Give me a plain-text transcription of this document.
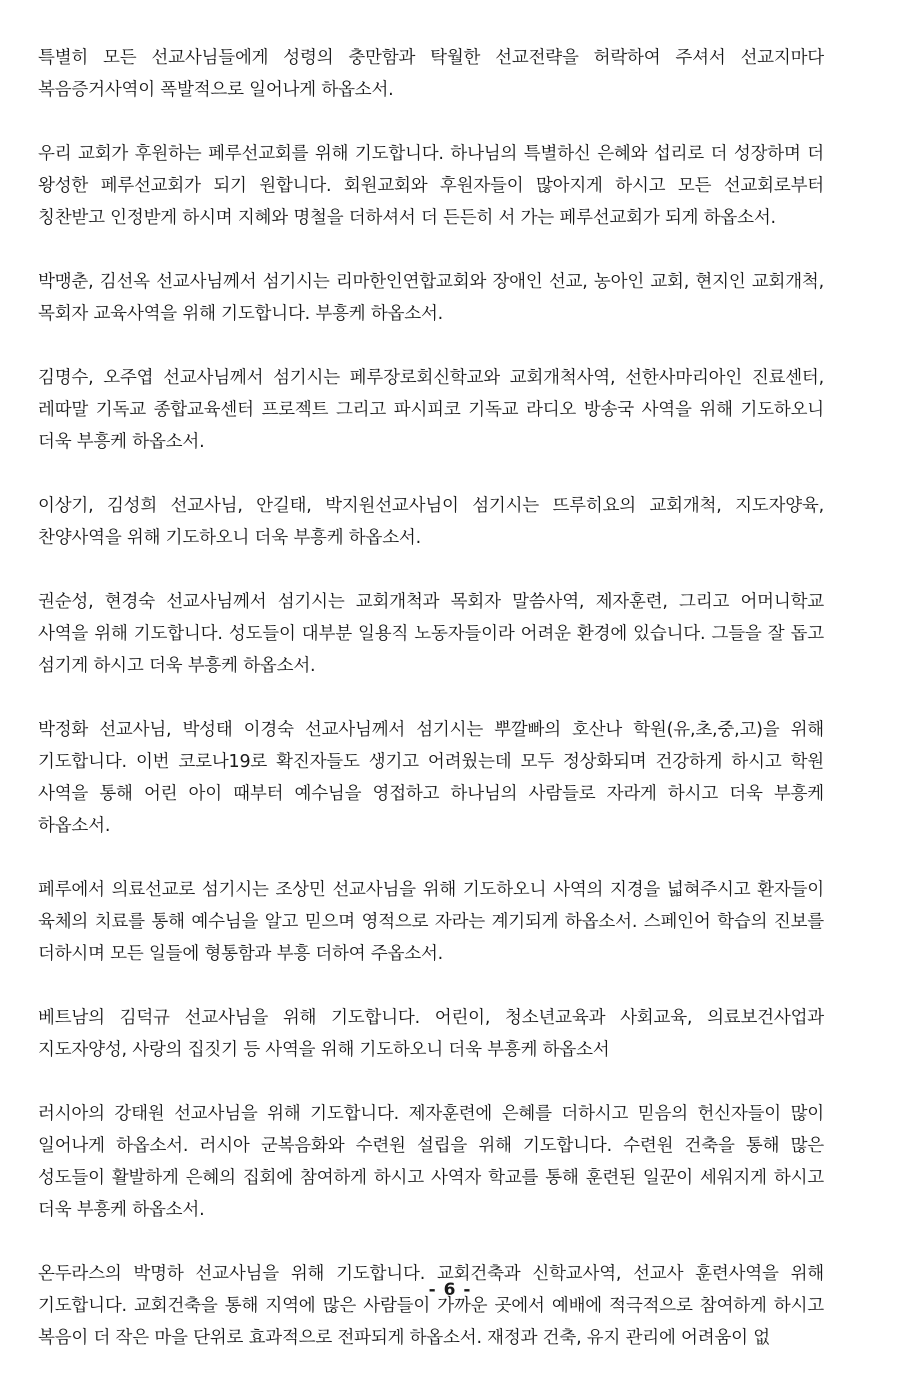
특별히 모든 선교사님들에게 성령의 충만함과 탁월한 선교전략을 허락하여 주셔서 선교지마다 복음증거사역이 폭발적으로 일어나게 하옵소서.

우리 교회가 후원하는 페루선교회를 위해 기도합니다. 하나님의 특별하신 은혜와 섭리로 더 성장하며 더 왕성한 페루선교회가 되기 원합니다. 회원교회와 후원자들이 많아지게 하시고 모든 선교회로부터 칭찬받고 인정받게 하시며 지혜와 명철을 더하셔서 더 든든히 서 가는 페루선교회가 되게 하옵소서.

박맹춘, 김선옥 선교사님께서 섬기시는 리마한인연합교회와 장애인 선교, 농아인 교회, 현지인 교회개척, 목회자 교육사역을 위해 기도합니다. 부흥케 하옵소서.

김명수, 오주엽 선교사님께서 섬기시는 페루장로회신학교와 교회개척사역, 선한사마리아인 진료센터, 레따말 기독교 종합교육센터 프로젝트 그리고 파시피코 기독교 라디오 방송국 사역을 위해 기도하오니 더욱 부흥케 하옵소서.

이상기, 김성희 선교사님, 안길태, 박지원선교사님이 섬기시는 뜨루히요의 교회개척, 지도자양육, 찬양사역을 위해 기도하오니 더욱 부흥케 하옵소서.

권순성, 현경숙 선교사님께서 섬기시는 교회개척과 목회자 말씀사역, 제자훈련, 그리고 어머니학교 사역을 위해 기도합니다. 성도들이 대부분 일용직 노동자들이라 어려운 환경에 있습니다. 그들을 잘 돕고 섬기게 하시고 더욱 부흥케 하옵소서.

박정화 선교사님, 박성태 이경숙 선교사님께서 섬기시는 뿌깔빠의 호산나 학원(유,초,중,고)을 위해 기도합니다. 이번 코로나19로 확진자들도 생기고 어려웠는데 모두 정상화되며 건강하게 하시고 학원 사역을 통해 어린 아이 때부터 예수님을 영접하고 하나님의 사람들로 자라게 하시고 더욱 부흥케 하옵소서.

페루에서 의료선교로 섬기시는 조상민 선교사님을 위해 기도하오니 사역의 지경을 넓혀주시고 환자들이 육체의 치료를 통해 예수님을 알고 믿으며 영적으로 자라는 계기되게 하옵소서. 스페인어 학습의 진보를 더하시며 모든 일들에 형통함과 부흥 더하여 주옵소서.

베트남의 김덕규 선교사님을 위해 기도합니다. 어린이, 청소년교육과 사회교육, 의료보건사업과 지도자양성, 사랑의 집짓기 등 사역을 위해 기도하오니 더욱 부흥케 하옵소서

러시아의 강태원 선교사님을 위해 기도합니다. 제자훈련에 은혜를 더하시고 믿음의 헌신자들이 많이 일어나게 하옵소서. 러시아 군복음화와 수련원 설립을 위해 기도합니다. 수련원 건축을 통해 많은 성도들이 활발하게 은혜의 집회에 참여하게 하시고 사역자 학교를 통해 훈련된 일꾼이 세워지게 하시고 더욱 부흥케 하옵소서.

온두라스의 박명하 선교사님을 위해 기도합니다. 교회건축과 신학교사역, 선교사 훈련사역을 위해 기도합니다. 교회건축을 통해 지역에 많은 사람들이 가까운 곳에서 예배에 적극적으로 참여하게 하시고 복음이 더 작은 마을 단위로 효과적으로 전파되게 하옵소서. 재정과 건축, 유지 관리에 어려움이 없

- 6 -
